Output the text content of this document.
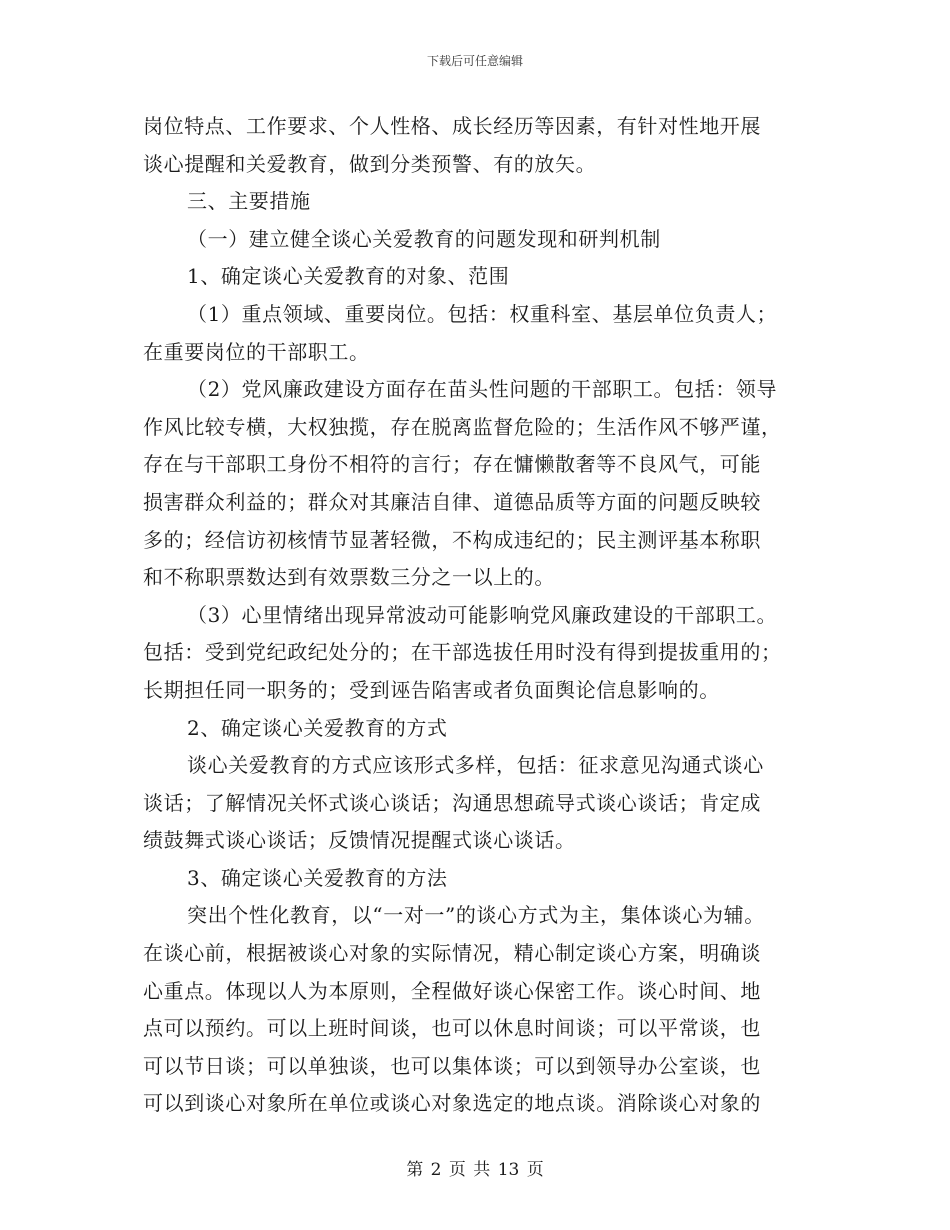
下载后可任意编辑
岗位特点、工作要求、个人性格、成长经历等因素，有针对性地开展
谈心提醒和关爱教育，做到分类预警、有的放矢。
三、主要措施
（一）建立健全谈心关爱教育的问题发现和研判机制
1、确定谈心关爱教育的对象、范围
（1）重点领域、重要岗位。包括：权重科室、基层单位负责人；
在重要岗位的干部职工。
（2）党风廉政建设方面存在苗头性问题的干部职工。包括：领导
作风比较专横，大权独揽，存在脱离监督危险的；生活作风不够严谨，
存在与干部职工身份不相符的言行；存在慵懒散奢等不良风气，可能
损害群众利益的；群众对其廉洁自律、道德品质等方面的问题反映较
多的；经信访初核情节显著轻微，不构成违纪的；民主测评基本称职
和不称职票数达到有效票数三分之一以上的。
（3）心里情绪出现异常波动可能影响党风廉政建设的干部职工。
包括：受到党纪政纪处分的；在干部选拔任用时没有得到提拔重用的；
长期担任同一职务的；受到诬告陷害或者负面舆论信息影响的。
2、确定谈心关爱教育的方式
谈心关爱教育的方式应该形式多样，包括：征求意见沟通式谈心
谈话；了解情况关怀式谈心谈话；沟通思想疏导式谈心谈话；肯定成
绩鼓舞式谈心谈话；反馈情况提醒式谈心谈话。
3、确定谈心关爱教育的方法
突出个性化教育，以“一对一”的谈心方式为主，集体谈心为辅。
在谈心前，根据被谈心对象的实际情况，精心制定谈心方案，明确谈
心重点。体现以人为本原则，全程做好谈心保密工作。谈心时间、地
点可以预约。可以上班时间谈，也可以休息时间谈；可以平常谈，也
可以节日谈；可以单独谈，也可以集体谈；可以到领导办公室谈，也
可以到谈心对象所在单位或谈心对象选定的地点谈。消除谈心对象的
第 2 页 共 13 页
